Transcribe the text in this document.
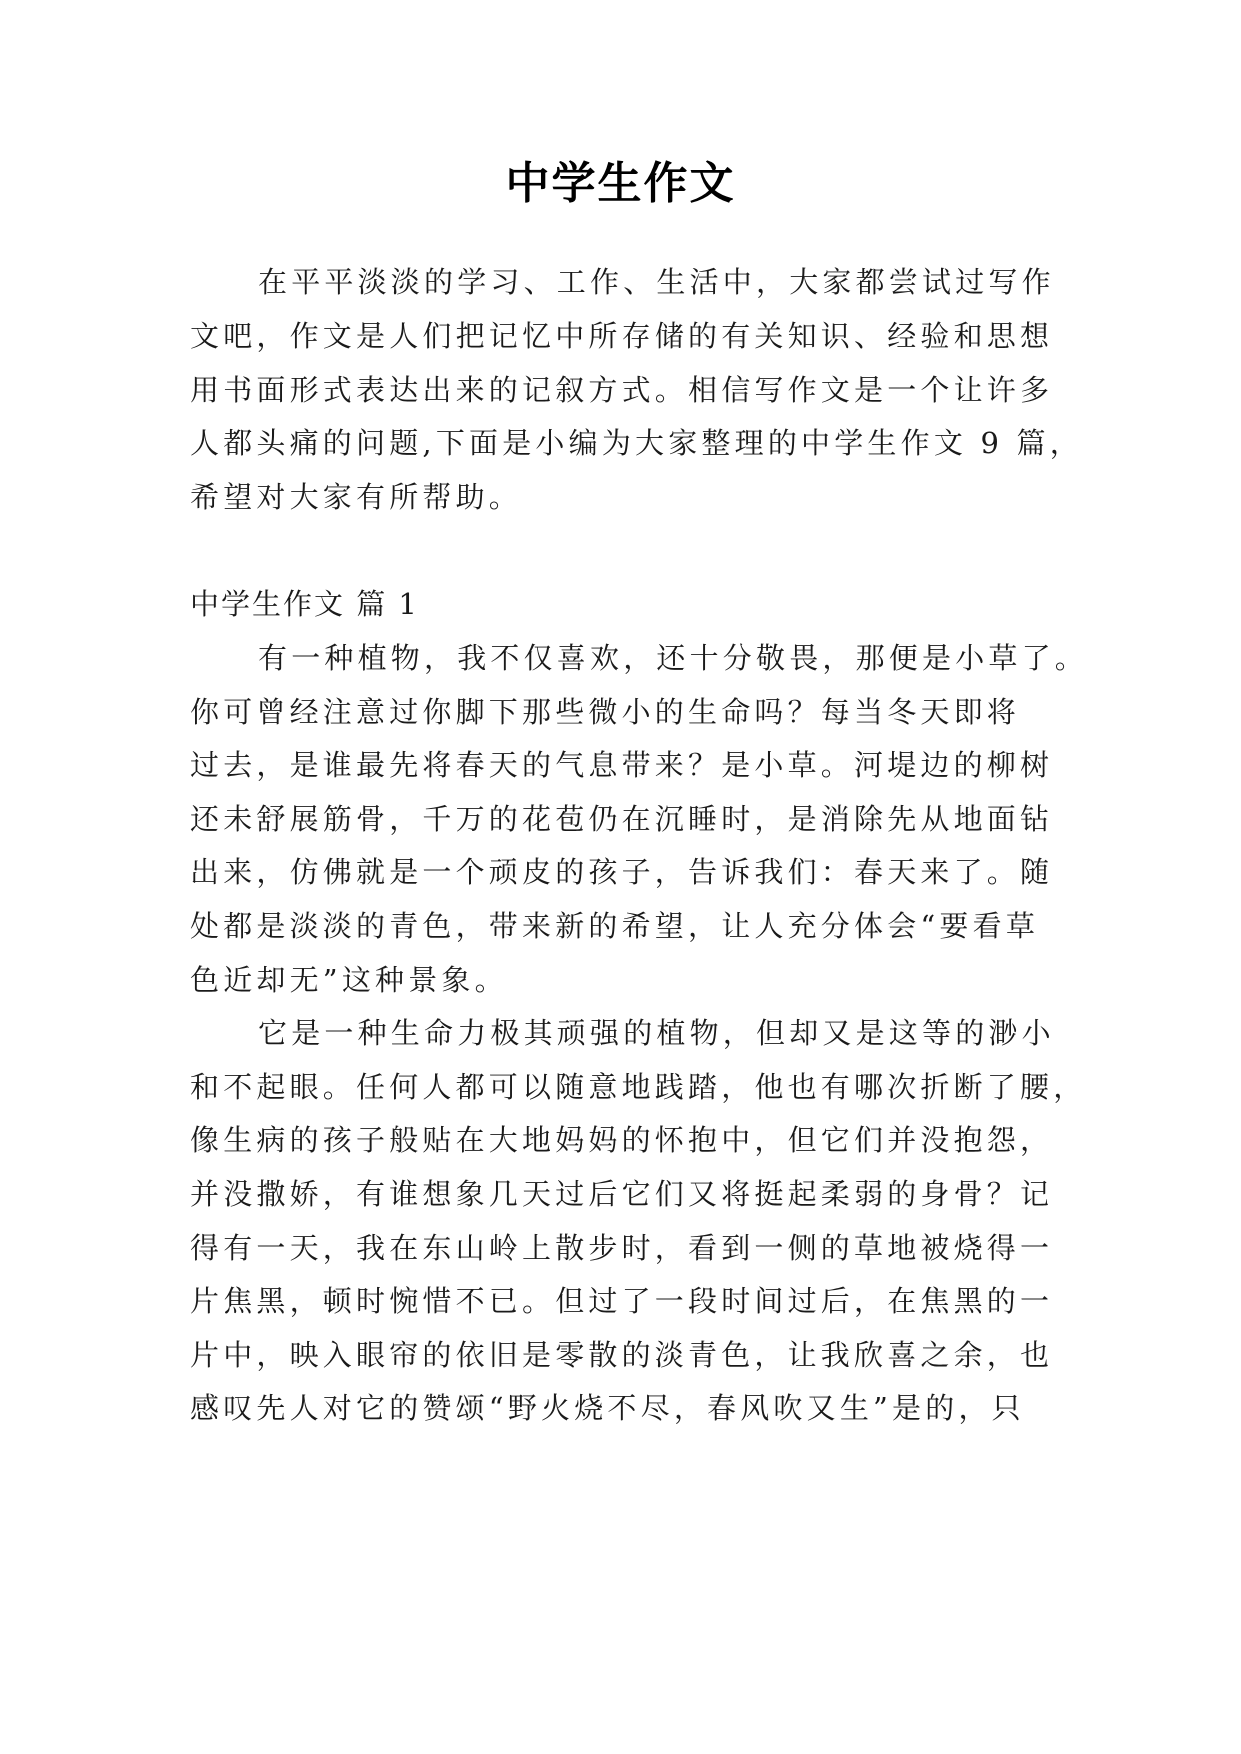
中学生作文
在平平淡淡的学习、工作、生活中，大家都尝试过写作
文吧，作文是人们把记忆中所存储的有关知识、经验和思想
用书面形式表达出来的记叙方式。相信写作文是一个让许多
人都头痛的问题,下面是小编为大家整理的中学生作文 9 篇，
希望对大家有所帮助。
中学生作文 篇 1
有一种植物，我不仅喜欢，还十分敬畏，那便是小草了。
你可曾经注意过你脚下那些微小的生命吗？每当冬天即将
过去，是谁最先将春天的气息带来？是小草。河堤边的柳树
还未舒展筋骨，千万的花苞仍在沉睡时，是消除先从地面钻
出来，仿佛就是一个顽皮的孩子，告诉我们：春天来了。随
处都是淡淡的青色，带来新的希望，让人充分体会“要看草
色近却无”这种景象。
它是一种生命力极其顽强的植物，但却又是这等的渺小
和不起眼。任何人都可以随意地践踏，他也有哪次折断了腰，
像生病的孩子般贴在大地妈妈的怀抱中，但它们并没抱怨，
并没撒娇，有谁想象几天过后它们又将挺起柔弱的身骨？记
得有一天，我在东山岭上散步时，看到一侧的草地被烧得一
片焦黑，顿时惋惜不已。但过了一段时间过后，在焦黑的一
片中，映入眼帘的依旧是零散的淡青色，让我欣喜之余，也
感叹先人对它的赞颂“野火烧不尽，春风吹又生”是的，只
